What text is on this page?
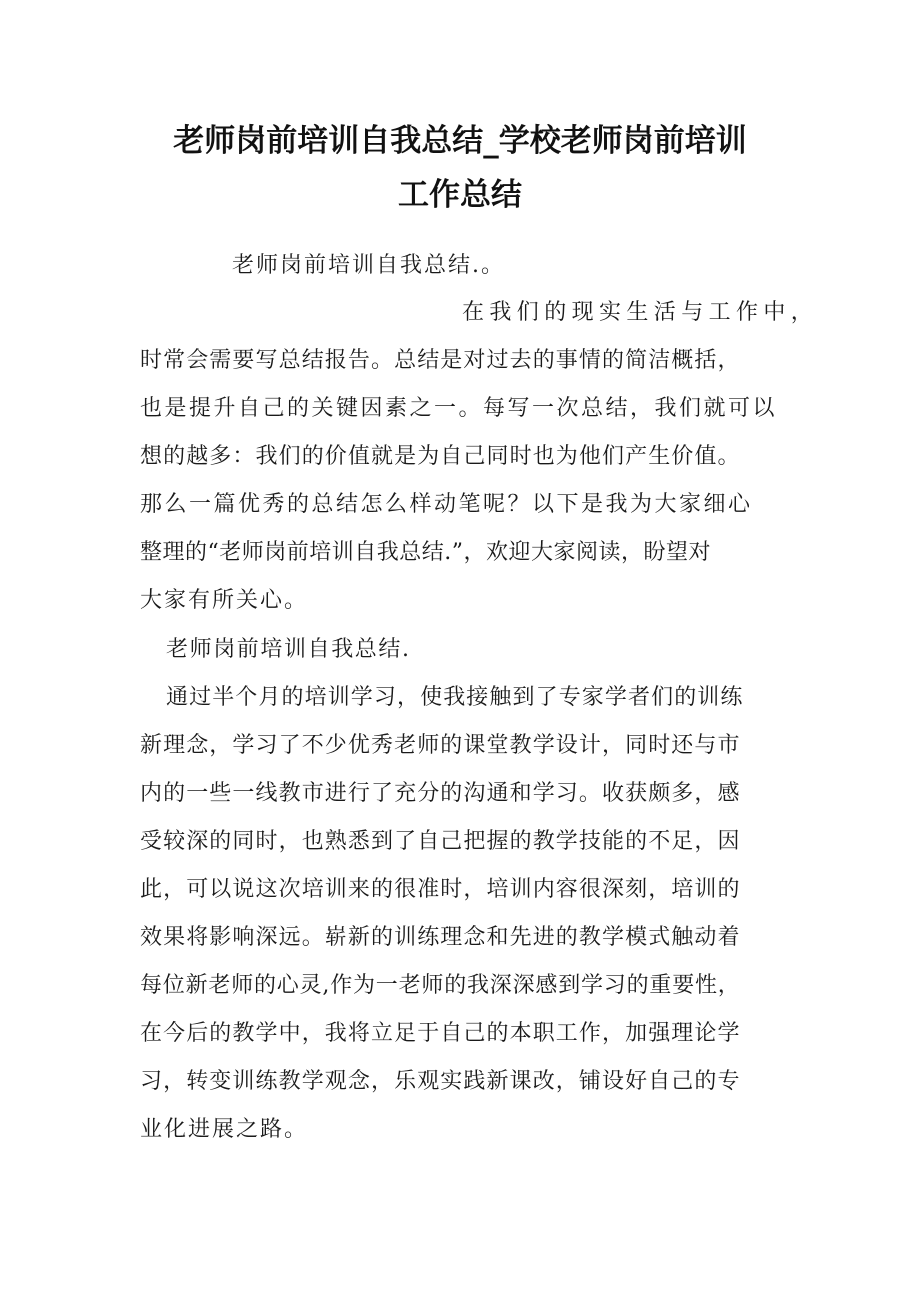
老师岗前培训自我总结_学校老师岗前培训
工作总结
老师岗前培训自我总结.。
在我们的现实生活与工作中，
时常会需要写总结报告。总结是对过去的事情的简洁概括，
也是提升自己的关键因素之一。每写一次总结，我们就可以
想的越多：我们的价值就是为自己同时也为他们产生价值。
那么一篇优秀的总结怎么样动笔呢？以下是我为大家细心
整理的“老师岗前培训自我总结.”，欢迎大家阅读，盼望对
大家有所关心。
老师岗前培训自我总结.
通过半个月的培训学习，使我接触到了专家学者们的训练
新理念，学习了不少优秀老师的课堂教学设计，同时还与市
内的一些一线教市进行了充分的沟通和学习。收获颇多，感
受较深的同时，也熟悉到了自己把握的教学技能的不足，因
此，可以说这次培训来的很准时，培训内容很深刻，培训的
效果将影响深远。崭新的训练理念和先进的教学模式触动着
每位新老师的心灵,作为一老师的我深深感到学习的重要性，
在今后的教学中，我将立足于自己的本职工作，加强理论学
习，转变训练教学观念，乐观实践新课改，铺设好自己的专
业化进展之路。
